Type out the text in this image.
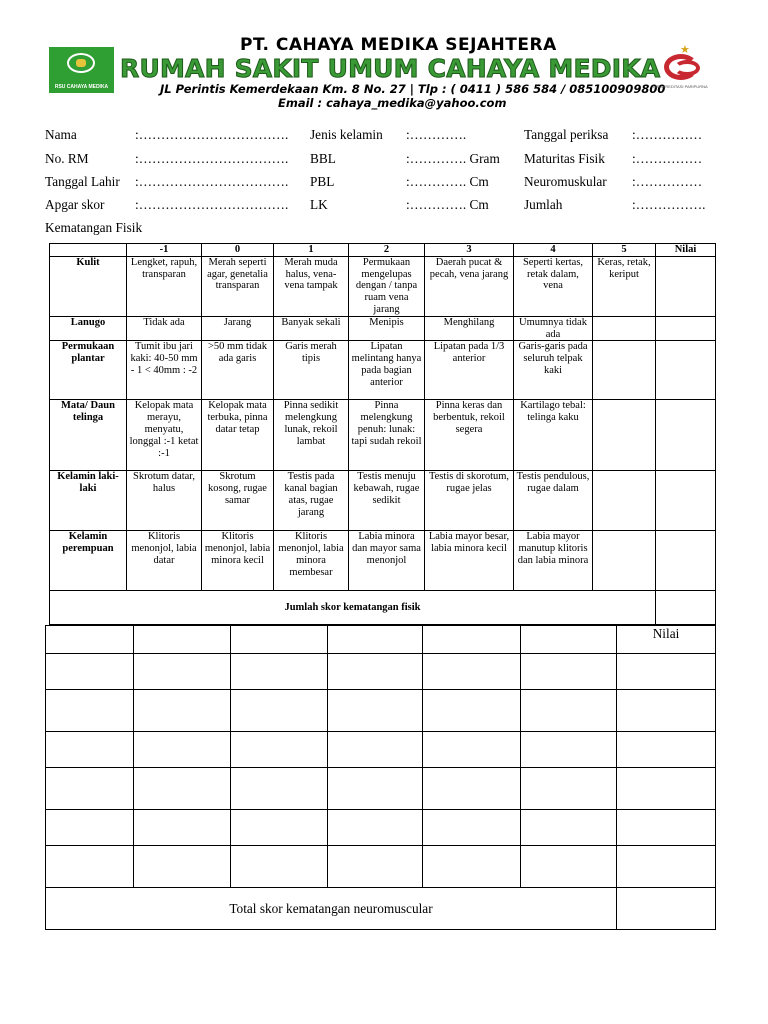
RSU CAHAYA MEDIKA
PT. CAHAYA MEDIKA SEJAHTERA
RUMAH SAKIT UMUM CAHAYA MEDIKA
JL Perintis Kemerdekaan Km. 8 No. 27 | Tlp : ( 0411 ) 586 584 / 085100909800
Email : cahaya_medika@yahoo.com
★
TERAKREDITASI PARIPURNA
Nama	:……………………………. Jenis kelamin :………….	Tanggal periksa :……………
No. RM	:……………………………. BBL	:…………. Gram Maturitas Fisik :……………
Tanggal Lahir :……………………………. PBL	:…………. Cm	Neuromuskular :……………
Apgar skor :……………………………. LK	:…………. Cm	Jumlah	:…………….
Kematangan Fisik
	-1	0	1	2	3	4	5	Nilai
Kulit	Lengket, rapuh, transparan	Merah seperti agar, genetalia transparan	Merah muda halus, vena-vena tampak	Permukaan mengelupas dengan / tanpa ruam vena jarang	Daerah pucat & pecah, vena jarang	Seperti kertas, retak dalam, vena	Keras, retak, keriput	
Lanugo	Tidak ada	Jarang	Banyak sekali	Menipis	Menghilang	Umumnya tidak ada		
Permukaan plantar	Tumit ibu jari kaki: 40-50 mm - 1 < 40mm : -2	>50 mm tidak ada garis	Garis merah tipis	Lipatan melintang hanya pada bagian anterior	Lipatan pada 1/3 anterior	Garis-garis pada seluruh telpak kaki		
Mata/ Daun telinga	Kelopak mata merayu, menyatu, longgal :-1 ketat :-1	Kelopak mata terbuka, pinna datar tetap	Pinna sedikit melengkung lunak, rekoil lambat	Pinna melengkung penuh: lunak: tapi sudah rekoil	Pinna keras dan berbentuk, rekoil segera	Kartilago tebal: telinga kaku		
Kelamin laki-laki	Skrotum datar, halus	Skrotum kosong, rugae samar	Testis pada kanal bagian atas, rugae jarang	Testis menuju kebawah, rugae sedikit	Testis di skorotum, rugae jelas	Testis pendulous, rugae dalam		
Kelamin perempuan	Klitoris menonjol, labia datar	Klitoris menonjol, labia minora kecil	Klitoris menonjol, labia minora membesar	Labia minora dan mayor sama menonjol	Labia mayor besar, labia minora kecil	Labia mayor manutup klitoris dan labia minora		
Jumlah skor kematangan fisik								
						Nilai

Total skor kematangan neuromuscular						
